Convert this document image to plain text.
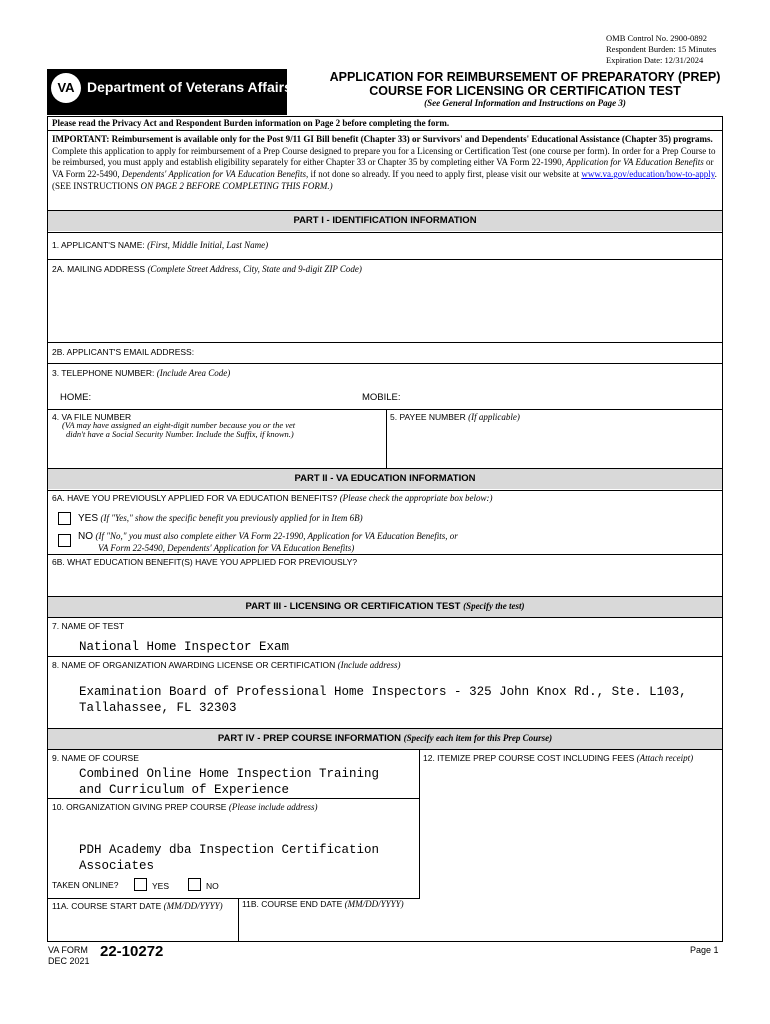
OMB Control No. 2900-0892
Respondent Burden: 15 Minutes
Expiration Date: 12/31/2024
VA Department of Veterans Affairs
APPLICATION FOR REIMBURSEMENT OF PREPARATORY (PREP)
COURSE FOR LICENSING OR CERTIFICATION TEST
(See General Information and Instructions on Page 3)
Please read the Privacy Act and Respondent Burden information on Page 2 before completing the form.
IMPORTANT: Reimbursement is available only for the Post 9/11 GI Bill benefit (Chapter 33) or Survivors' and Dependents' Educational Assistance (Chapter 35) programs. Complete this application to apply for reimbursement of a Prep Course designed to prepare you for a Licensing or Certification Test (one course per form). In order for a Prep Course to be reimbursed, you must apply and establish eligibility separately for either Chapter 33 or Chapter 35 by completing either VA Form 22-1990, Application for VA Education Benefits or VA Form 22-5490, Dependents' Application for VA Education Benefits, if not done so already. If you need to apply first, please visit our website at www.va.gov/education/how-to-apply. (SEE INSTRUCTIONS ON PAGE 2 BEFORE COMPLETING THIS FORM.)
PART I - IDENTIFICATION INFORMATION
1. APPLICANT'S NAME: (First, Middle Initial, Last Name)
2A. MAILING ADDRESS (Complete Street Address, City, State and 9-digit ZIP Code)
2B. APPLICANT'S EMAIL ADDRESS:
3. TELEPHONE NUMBER: (Include Area Code)
HOME:	MOBILE:
4. VA FILE NUMBER
(VA may have assigned an eight-digit number because you or the vet
didn't have a Social Security Number. Include the Suffix, if known.)
5. PAYEE NUMBER (If applicable)
PART II - VA EDUCATION INFORMATION
6A. HAVE YOU PREVIOUSLY APPLIED FOR VA EDUCATION BENEFITS? (Please check the appropriate box below:)
YES (If "Yes," show the specific benefit you previously applied for in Item 6B)
NO (If "No," you must also complete either VA Form 22-1990, Application for VA Education Benefits, or
VA Form 22-5490, Dependents' Application for VA Education Benefits)
6B. WHAT EDUCATION BENEFIT(S) HAVE YOU APPLIED FOR PREVIOUSLY?
PART III - LICENSING OR CERTIFICATION TEST (Specify the test)
7. NAME OF TEST
National Home Inspector Exam
8. NAME OF ORGANIZATION AWARDING LICENSE OR CERTIFICATION (Include address)
Examination Board of Professional Home Inspectors - 325 John Knox Rd., Ste. L103,
Tallahassee, FL 32303
PART IV - PREP COURSE INFORMATION (Specify each item for this Prep Course)
9. NAME OF COURSE
Combined Online Home Inspection Training
and Curriculum of Experience
12. ITEMIZE PREP COURSE COST INCLUDING FEES (Attach receipt)
10. ORGANIZATION GIVING PREP COURSE (Please include address)
PDH Academy dba Inspection Certification
Associates
TAKEN ONLINE?	YES	NO
11A. COURSE START DATE (MM/DD/YYYY) 11B. COURSE END DATE (MM/DD/YYYY)
VA FORM
DEC 2021
22-10272	Page 1
